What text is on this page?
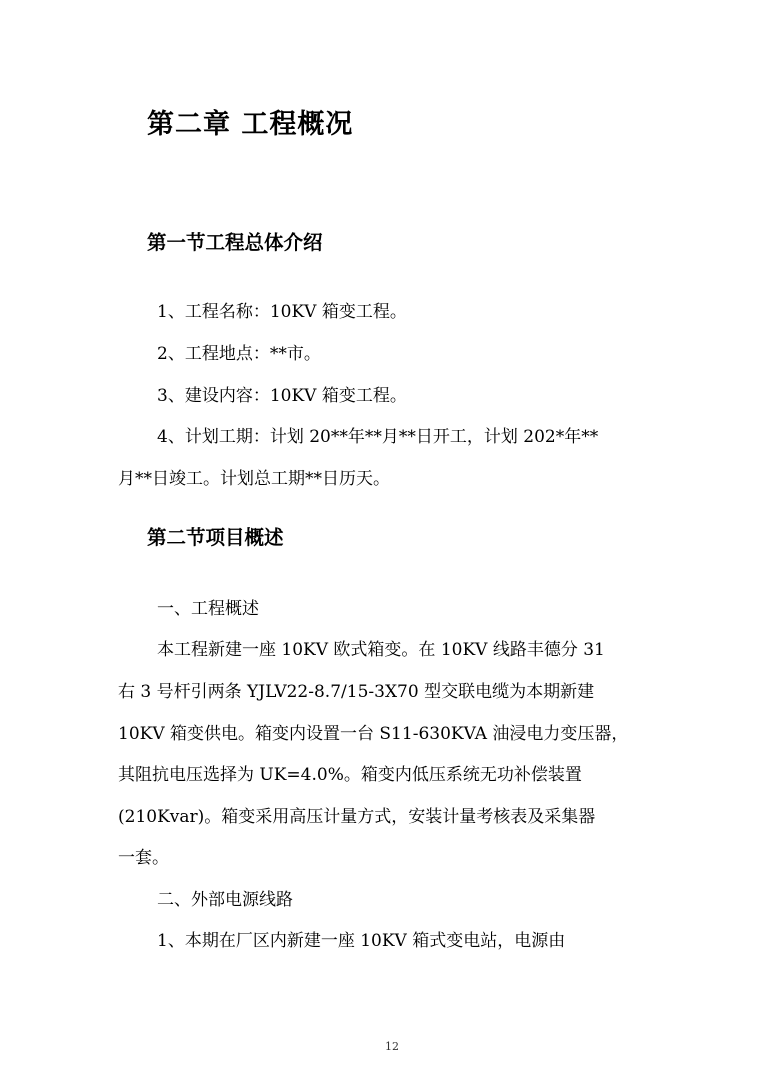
第二章 工程概况
第一节工程总体介绍
1、工程名称：10KV 箱变工程。
2、工程地点：**市。
3、建设内容：10KV 箱变工程。
4、计划工期：计划 20**年**月**日开工，计划 202*年**
月**日竣工。计划总工期**日历天。
第二节项目概述
一、工程概述
本工程新建一座 10KV 欧式箱变。在 10KV 线路丰德分 31
右 3 号杆引两条 YJLV22-8.7/15-3X70 型交联电缆为本期新建
10KV 箱变供电。箱变内设置一台 S11-630KVA 油浸电力变压器，
其阻抗电压选择为 UK=4.0%。箱变内低压系统无功补偿装置
(210Kvar)。箱变采用高压计量方式，安装计量考核表及采集器
一套。
二、外部电源线路
1、本期在厂区内新建一座 10KV 箱式变电站，电源由
12
